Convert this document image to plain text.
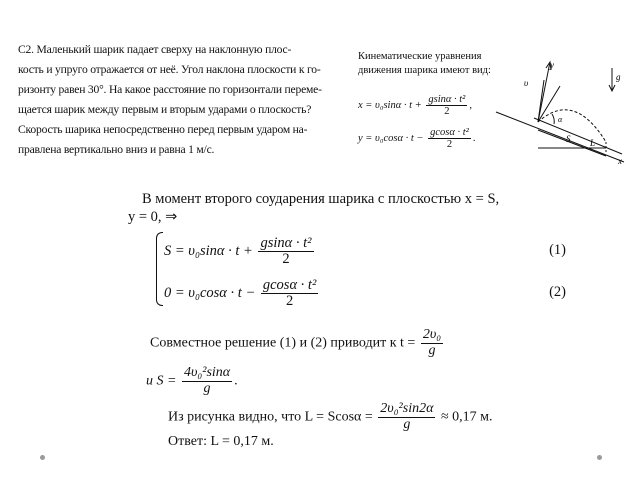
C2. Маленький шарик падает сверху на наклонную плос-
кость и упруго отражается от неё. Угол наклона плоскости к го-
ризонту равен 30°. На какое расстояние по горизонтали переме-
щается шарик между первым и вторым ударами о плоскость?
Скорость шарика непосредственно перед первым ударом на-
правлена вертикально вниз и равна 1 м/с.
Кинематические уравнения
движения шарика имеют вид:
$x = \upsilon_0\sin\alpha \cdot t + \frac{\text{gsinα · t²}}{2}$ ,
$y = \upsilon_0\cos\alpha \cdot t - \frac{\text{gcosα · t²}}{2}$ .
y
x
υ
g
S L
α
В момент второго соударения шарика с плоскостью x = S,
y = 0, ⇒
$S = \upsilon_0\sin\alpha \cdot t + \frac{\text{gsinα · t²}}{2}$	(1)
$0 = \upsilon_0\cos\alpha \cdot t - \frac{\text{gcosα · t²}}{2}$	(2)
Совместное решение (1) и (2) приводит к $t = \frac{\text{2υ₀}}{g}$
и $S = \frac{\text{4υ₀²sinα}}{g}$ .
Из рисунка видно, что $L = Scos\alpha = \frac{\text{2υ₀²sin2α}}{g} \approx 0,17$ м.
Ответ: L = 0,17 м.
